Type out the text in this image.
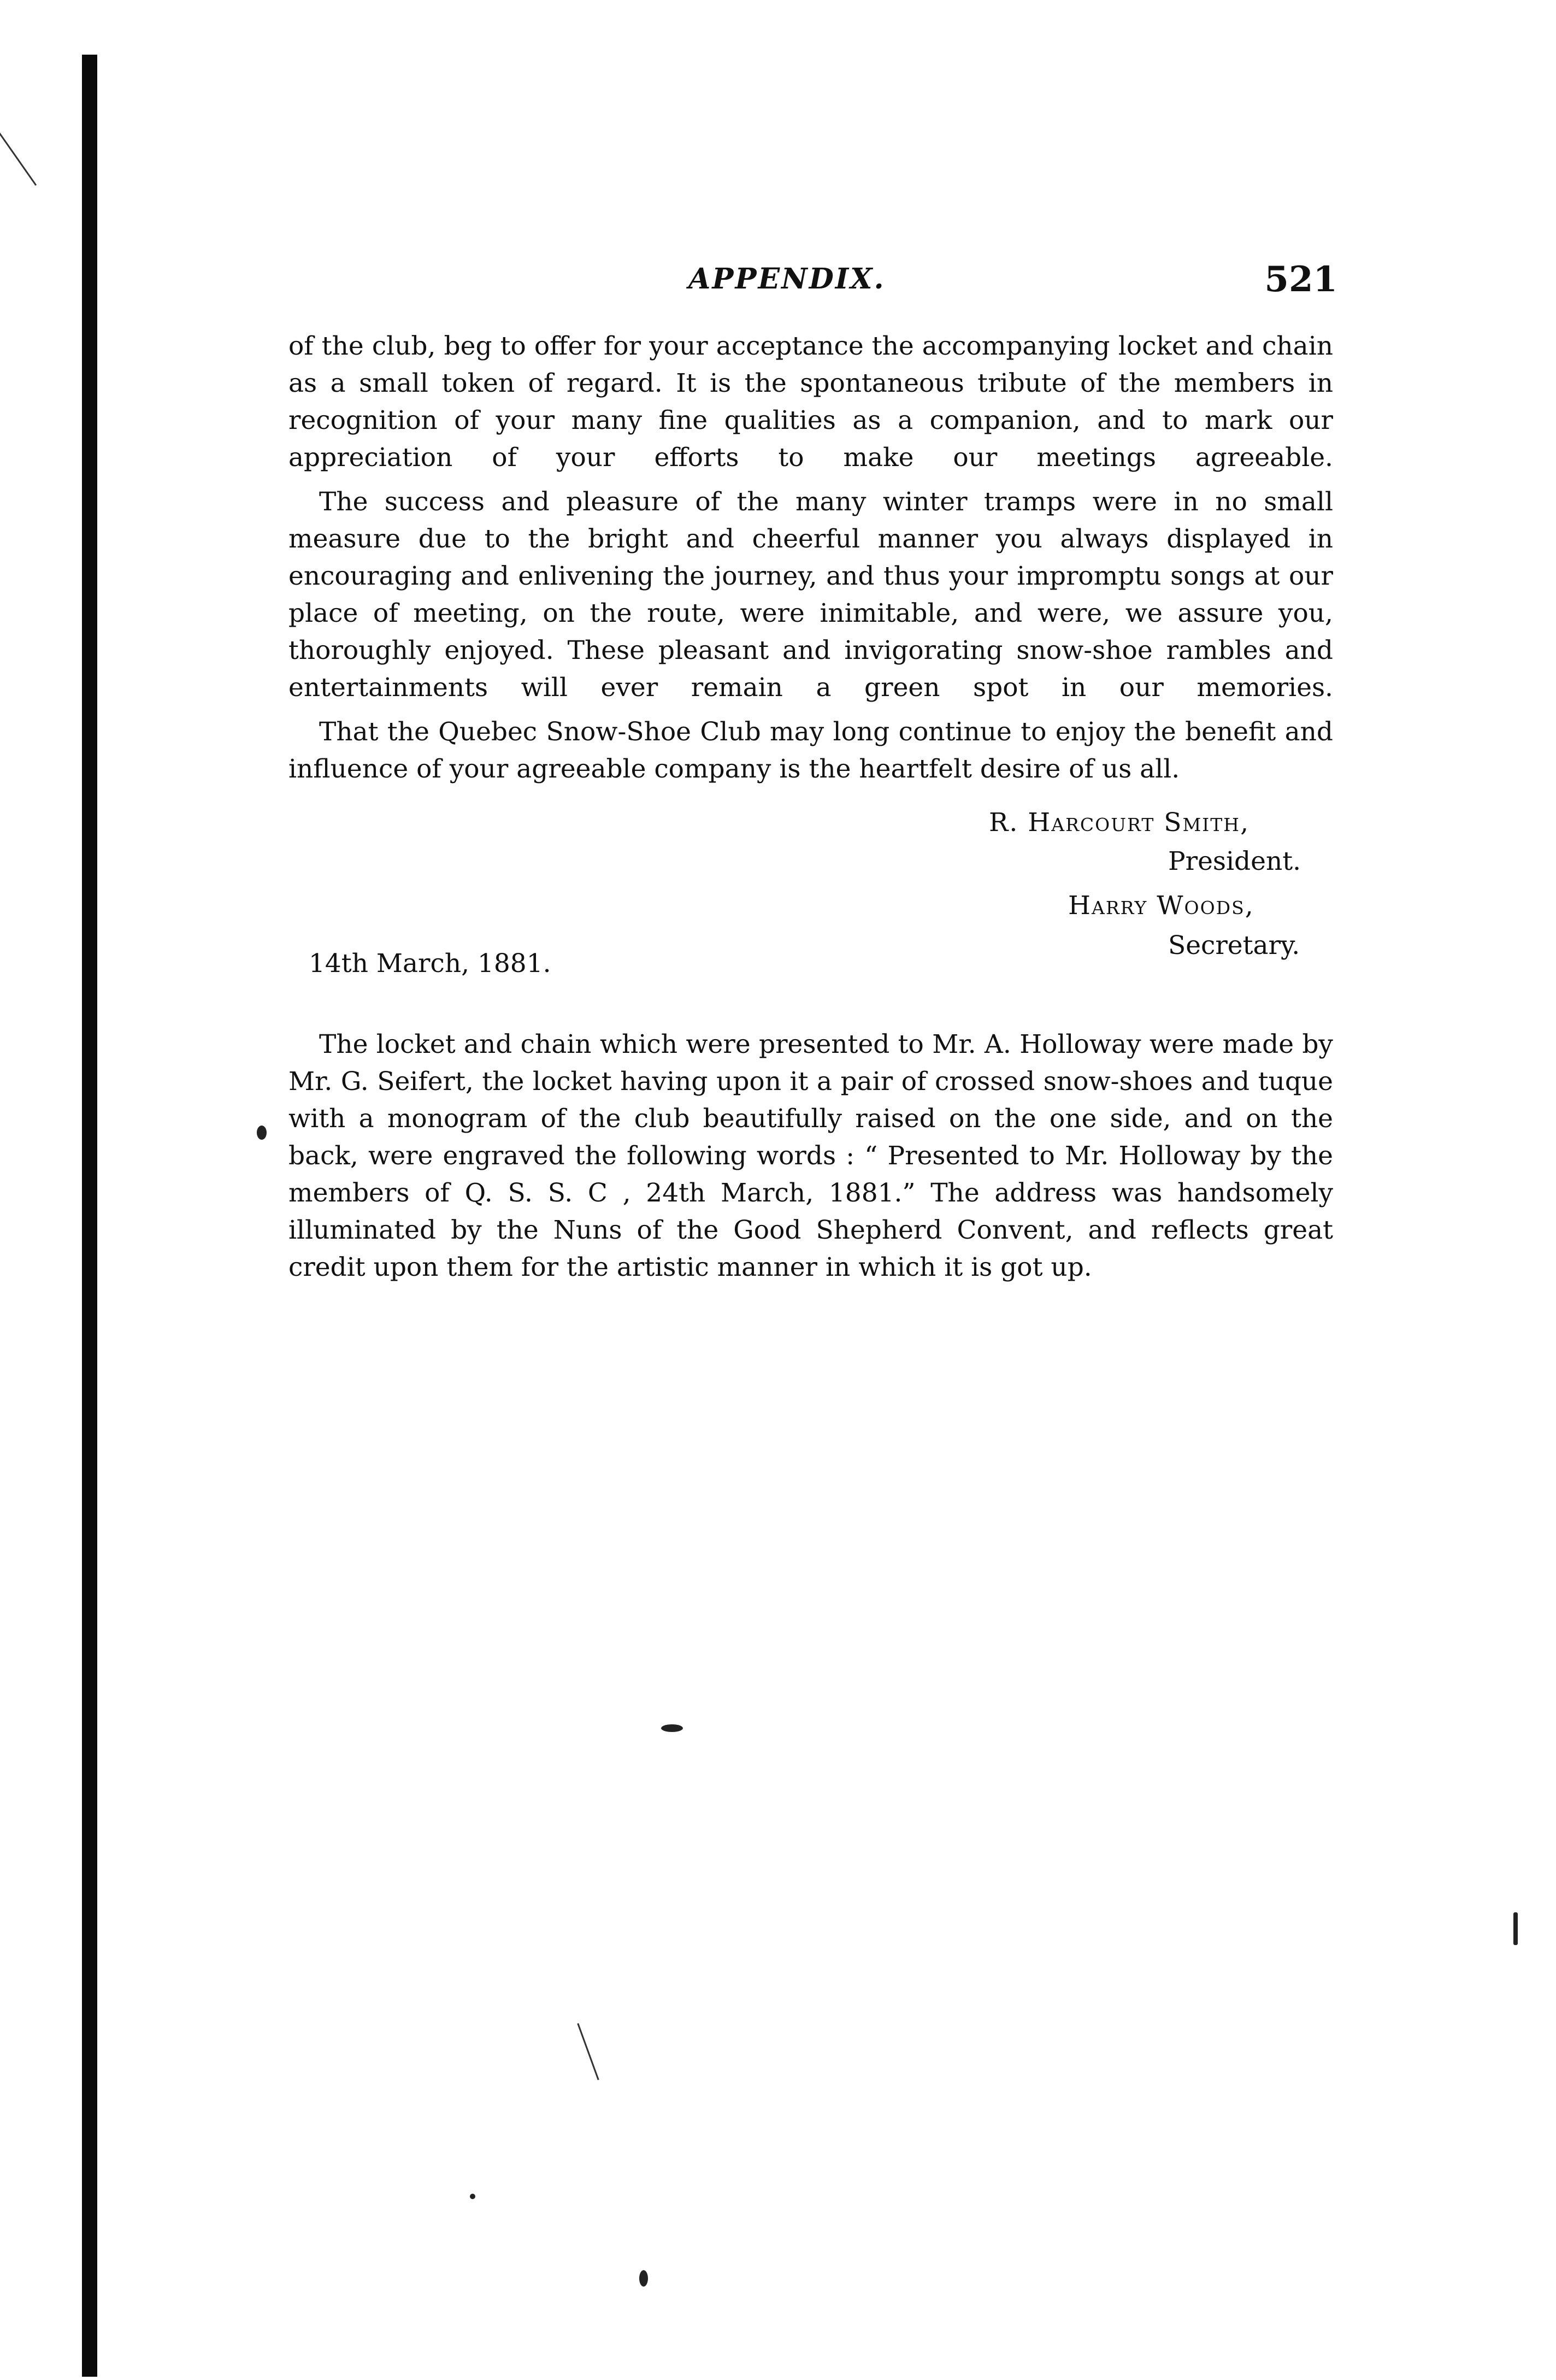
APPENDIX.	521

of the club, beg to offer for your acceptance the accompanying locket and chain as a small token of regard. It is the spontaneous tribute of the members in recognition of your many fine qualities as a companion, and to mark our appreciation of your efforts to make our meetings agreeable.

The success and pleasure of the many winter tramps were in no small measure due to the bright and cheerful manner you always displayed in encouraging and enlivening the journey, and thus your impromptu songs at our place of meeting, on the route, were inimitable, and were, we assure you, thoroughly enjoyed. These pleasant and invigorating snow-shoe rambles and entertainments will ever remain a green spot in our memories.

That the Quebec Snow-Shoe Club may long continue to enjoy the benefit and influence of your agreeable company is the heartfelt desire of us all.

R. Harcourt Smith,
President.
Harry Woods,
Secretary.
14th March, 1881.

The locket and chain which were presented to Mr. A. Holloway were made by Mr. G. Seifert, the locket having upon it a pair of crossed snow-shoes and tuque with a monogram of the club beautifully raised on the one side, and on the back, were engraved the following words : “ Presented to Mr. Holloway by the members of Q. S. S. C , 24th March, 1881.” The address was handsomely illuminated by the Nuns of the Good Shepherd Convent, and reflects great credit upon them for the artistic manner in which it is got up.
